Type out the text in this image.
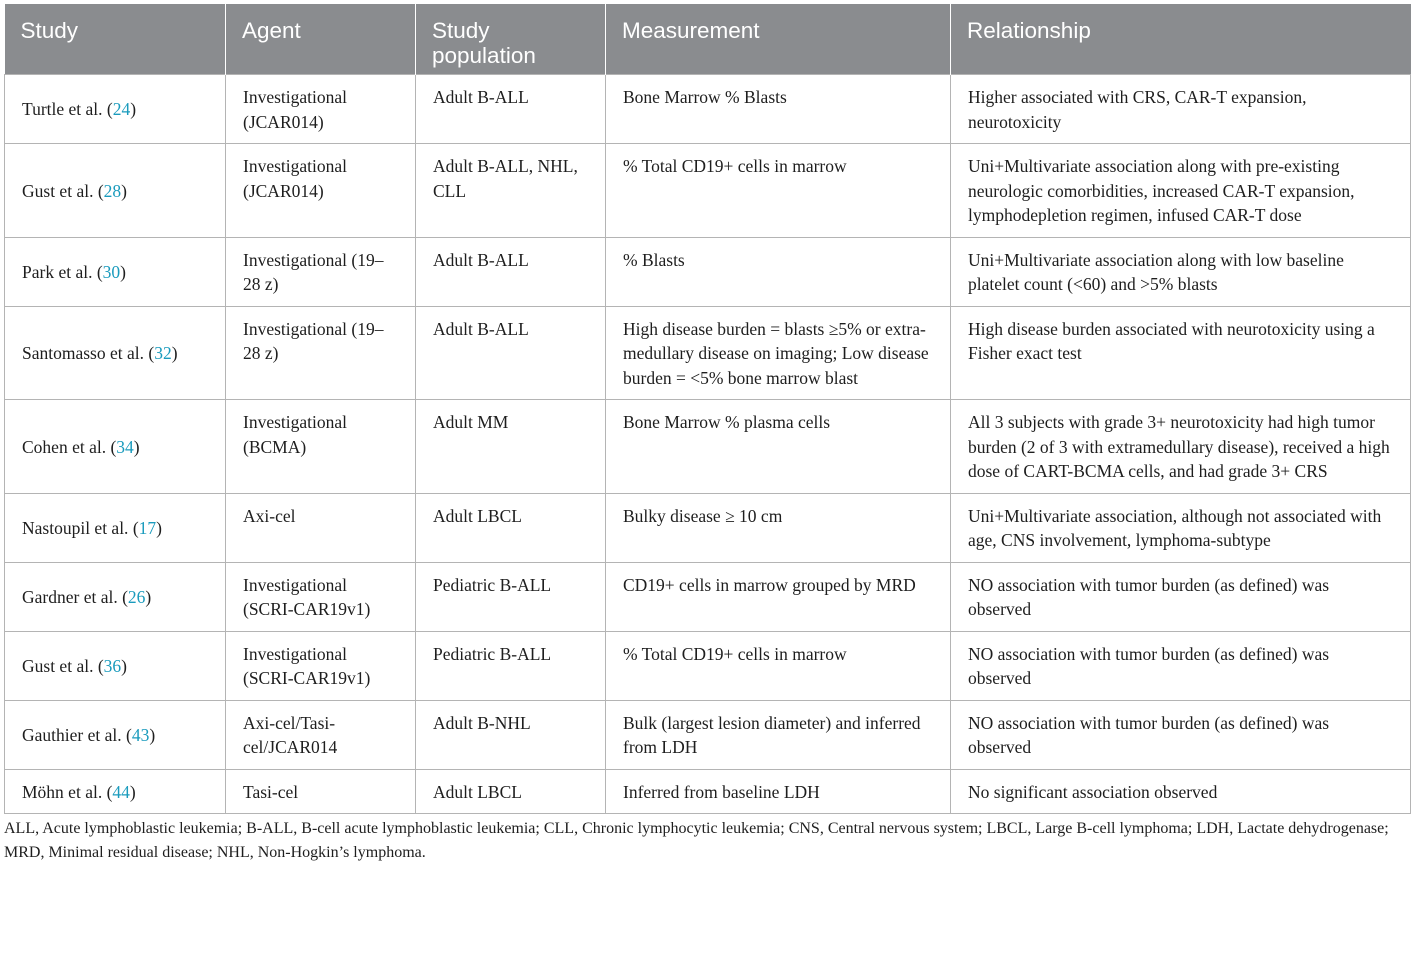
Study	Agent	Study population	Measurement	Relationship
Turtle et al. (24)	Investigational (JCAR014)	Adult B-ALL	Bone Marrow % Blasts	Higher associated with CRS, CAR-T expansion, neurotoxicity
Gust et al. (28)	Investigational (JCAR014)	Adult B-ALL, NHL, CLL	% Total CD19+ cells in marrow	Uni+Multivariate association along with pre-existing neurologic comorbidities, increased CAR-T expansion, lymphodepletion regimen, infused CAR-T dose
Park et al. (30)	Investigational (19–28 z)	Adult B-ALL	% Blasts	Uni+Multivariate association along with low baseline platelet count (<60) and >5% blasts
Santomasso et al. (32)	Investigational (19–28 z)	Adult B-ALL	High disease burden = blasts ≥5% or extra-medullary disease on imaging; Low disease burden = <5% bone marrow blast	High disease burden associated with neurotoxicity using a Fisher exact test
Cohen et al. (34)	Investigational (BCMA)	Adult MM	Bone Marrow % plasma cells	All 3 subjects with grade 3+ neurotoxicity had high tumor burden (2 of 3 with extramedullary disease), received a high dose of CART-BCMA cells, and had grade 3+ CRS
Nastoupil et al. (17)	Axi-cel	Adult LBCL	Bulky disease ≥ 10 cm	Uni+Multivariate association, although not associated with age, CNS involvement, lymphoma-subtype
Gardner et al. (26)	Investigational (SCRI-CAR19v1)	Pediatric B-ALL	CD19+ cells in marrow grouped by MRD	NO association with tumor burden (as defined) was observed
Gust et al. (36)	Investigational (SCRI-CAR19v1)	Pediatric B-ALL	% Total CD19+ cells in marrow	NO association with tumor burden (as defined) was observed
Gauthier et al. (43)	Axi-cel/Tasi-cel/JCAR014	Adult B-NHL	Bulk (largest lesion diameter) and inferred from LDH	NO association with tumor burden (as defined) was observed
Möhn et al. (44)	Tasi-cel	Adult LBCL	Inferred from baseline LDH	No significant association observed
ALL, Acute lymphoblastic leukemia; B-ALL, B-cell acute lymphoblastic leukemia; CLL, Chronic lymphocytic leukemia; CNS, Central nervous system; LBCL, Large B-cell lymphoma; LDH, Lactate dehydrogenase; MRD, Minimal residual disease; NHL, Non-Hogkin’s lymphoma.
